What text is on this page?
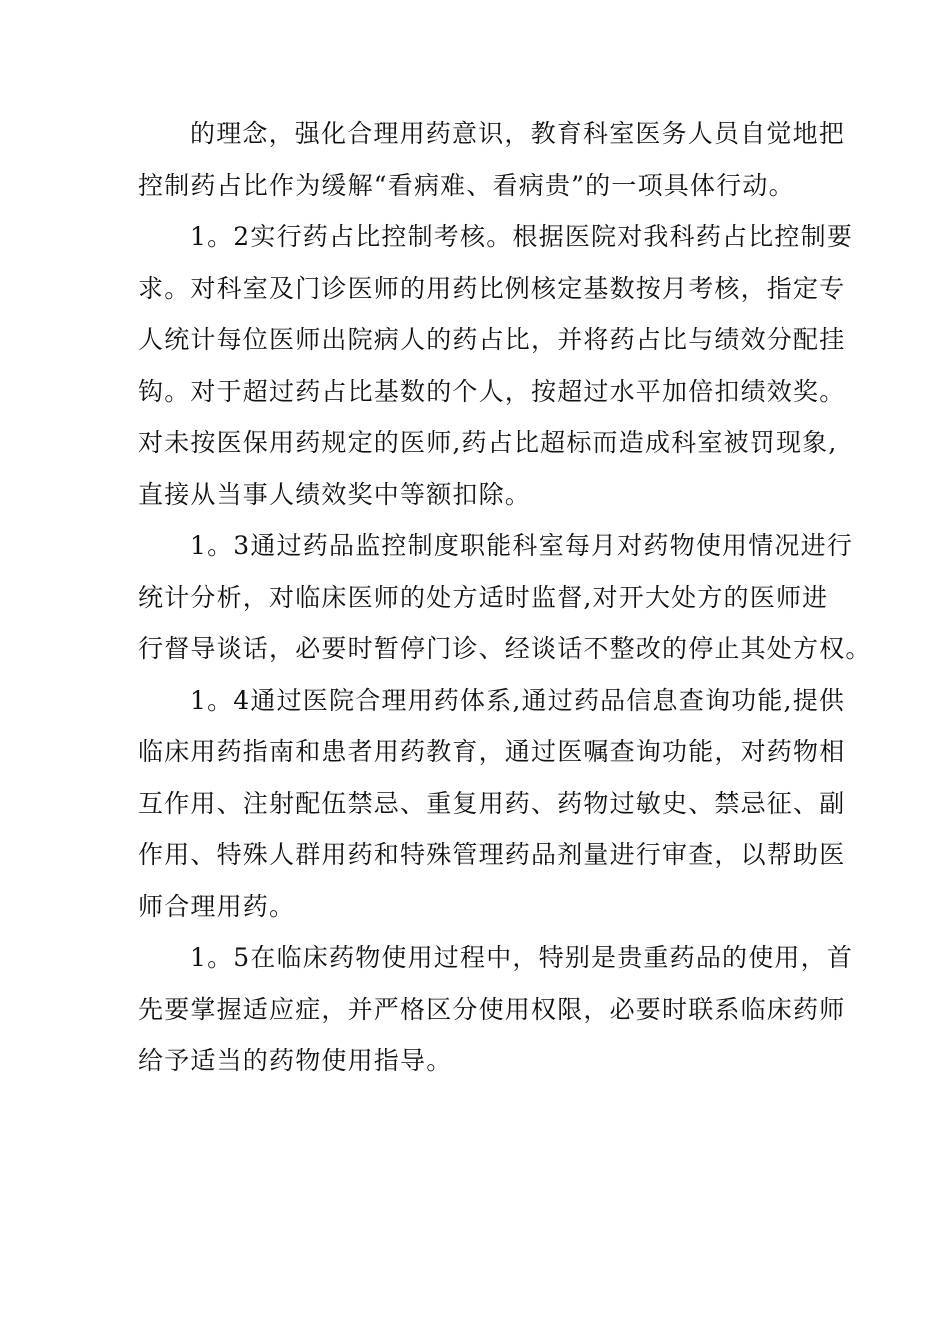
的理念，强化合理用药意识，教育科室医务人员自觉地把
控制药占比作为缓解“看病难、看病贵”的一项具体行动。

1。2实行药占比控制考核。根据医院对我科药占比控制要
求。对科室及门诊医师的用药比例核定基数按月考核，指定专
人统计每位医师出院病人的药占比，并将药占比与绩效分配挂
钩。对于超过药占比基数的个人，按超过水平加倍扣绩效奖。
对未按医保用药规定的医师,药占比超标而造成科室被罚现象,
直接从当事人绩效奖中等额扣除。

1。3通过药品监控制度职能科室每月对药物使用情况进行
统计分析，对临床医师的处方适时监督,对开大处方的医师进
行督导谈话，必要时暂停门诊、经谈话不整改的停止其处方权。

1。4通过医院合理用药体系,通过药品信息查询功能,提供
临床用药指南和患者用药教育，通过医嘱查询功能，对药物相
互作用、注射配伍禁忌、重复用药、药物过敏史、禁忌征、副
作用、特殊人群用药和特殊管理药品剂量进行审查，以帮助医
师合理用药。

1。5在临床药物使用过程中，特别是贵重药品的使用，首
先要掌握适应症，并严格区分使用权限，必要时联系临床药师
给予适当的药物使用指导。
